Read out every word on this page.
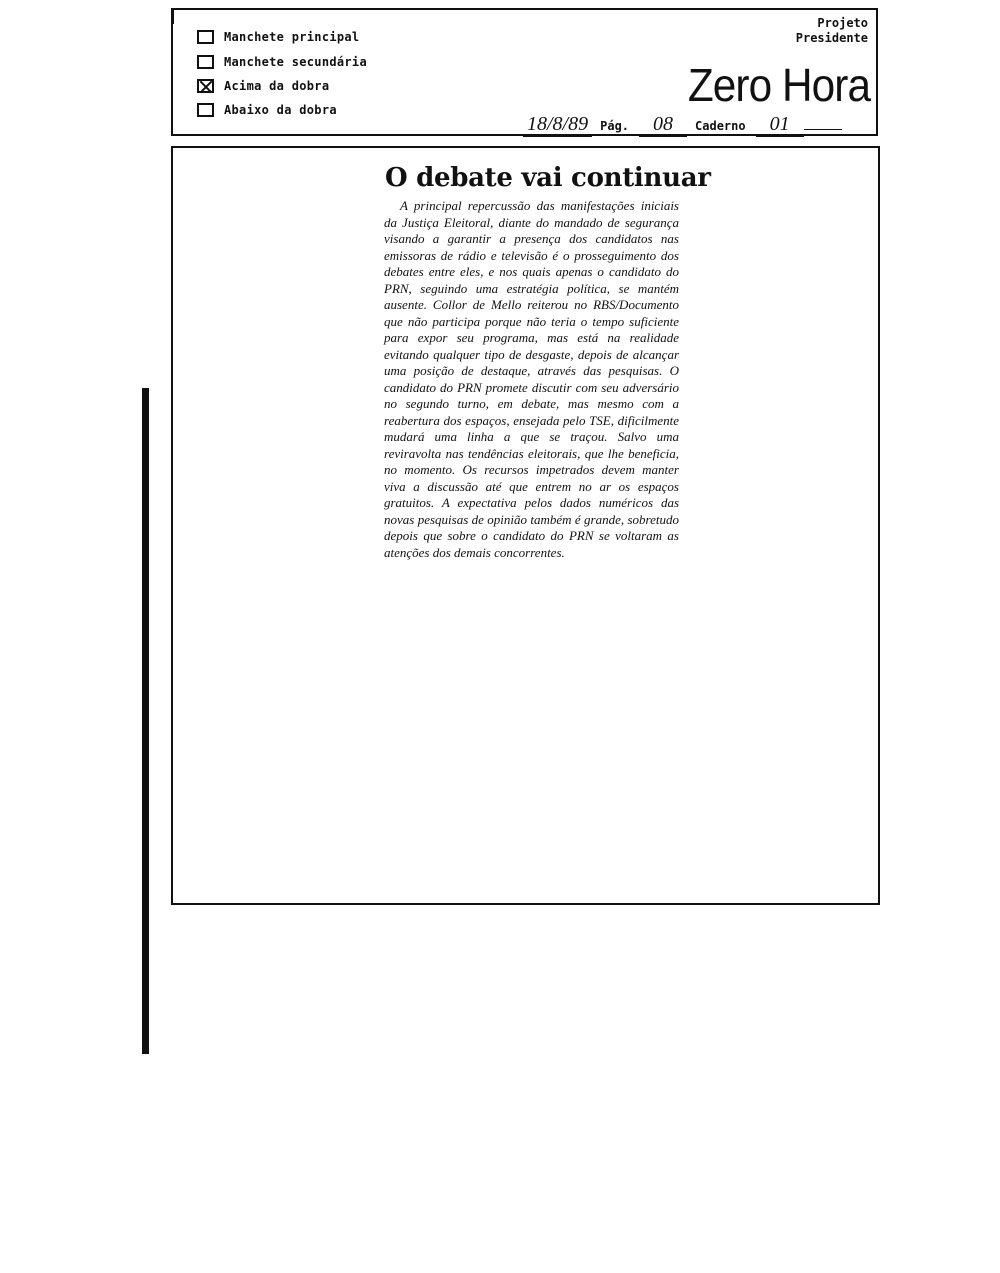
Manchete principal
Manchete secundária
Acima da dobra
Abaixo da dobra
Projeto
Presidente
Zero Hora
18/8/89	Pág.	08	Caderno	01
O debate vai continuar

A principal repercussão das manifestações iniciais da Justiça Eleitoral, diante do mandado de segurança visando a garantir a presença dos candidatos nas emissoras de rádio e televisão é o prosseguimento dos debates entre eles, e nos quais apenas o candidato do PRN, seguindo uma estratégia política, se mantém ausente. Collor de Mello reiterou no RBS/Documento que não participa porque não teria o tempo suficiente para expor seu programa, mas está na realidade evitando qualquer tipo de desgaste, depois de alcançar uma posição de destaque, através das pesquisas. O candidato do PRN promete discutir com seu adversário no segundo turno, em debate, mas mesmo com a reabertura dos espaços, ensejada pelo TSE, dificilmente mudará uma linha a que se traçou. Salvo uma reviravolta nas tendências eleitorais, que lhe beneficia, no momento. Os recursos impetrados devem manter viva a discussão até que entrem no ar os espaços gratuitos. A expectativa pelos dados numéricos das novas pesquisas de opinião também é grande, sobretudo depois que sobre o candidato do PRN se voltaram as atenções dos demais concorrentes.
